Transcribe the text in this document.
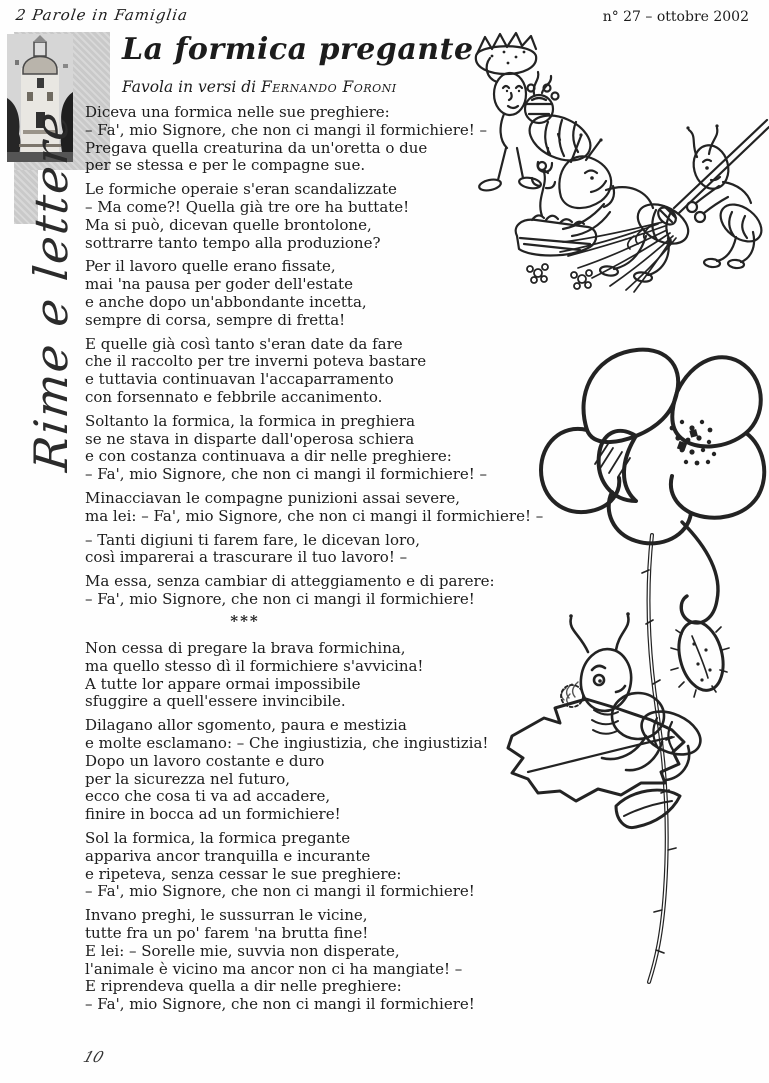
2 Parole in Famiglia	n° 27 – ottobre 2002
Rime e lettere
La formica pregante
Favola in versi di Fernando Foroni
Diceva una formica nelle sue preghiere:
– Fa', mio Signore, che non ci mangi il formichiere! –
Pregava quella creaturina da un'oretta o due
per se stessa e per le compagne sue.
Le formiche operaie s'eran scandalizzate
– Ma come?! Quella già tre ore ha buttate!
Ma si può, dicevan quelle brontolone,
sottrarre tanto tempo alla produzione?
Per il lavoro quelle erano fissate,
mai 'na pausa per goder dell'estate
e anche dopo un'abbondante incetta,
sempre di corsa, sempre di fretta!
E quelle già così tanto s'eran date da fare
che il raccolto per tre inverni poteva bastare
e tuttavia continuavan l'accaparramento
con forsennato e febbrile accanimento.
Soltanto la formica, la formica in preghiera
se ne stava in disparte dall'operosa schiera
e con costanza continuava a dir nelle preghiere:
– Fa', mio Signore, che non ci mangi il formichiere! –
Minacciavan le compagne punizioni assai severe,
ma lei: – Fa', mio Signore, che non ci mangi il formichiere! –
– Tanti digiuni ti farem fare, le dicevan loro,
così imparerai a trascurare il tuo lavoro! –
Ma essa, senza cambiar di atteggiamento e di parere:
– Fa', mio Signore, che non ci mangi il formichiere!
***
Non cessa di pregare la brava formichina,
ma quello stesso dì il formichiere s'avvicina!
A tutte lor appare ormai impossibile
sfuggire a quell'essere invincibile.
Dilagano allor sgomento, paura e mestizia
e molte esclamano: – Che ingiustizia, che ingiustizia!
Dopo un lavoro costante e duro
per la sicurezza nel futuro,
ecco che cosa ti va ad accadere,
finire in bocca ad un formichiere!
Sol la formica, la formica pregante
appariva ancor tranquilla e incurante
e ripeteva, senza cessar le sue preghiere:
– Fa', mio Signore, che non ci mangi il formichiere!
Invano preghi, le sussurran le vicine,
tutte fra un po' farem 'na brutta fine!
E lei: – Sorelle mie, suvvia non disperate,
l'animale è vicino ma ancor non ci ha mangiate! –
E riprendeva quella a dir nelle preghiere:
– Fa', mio Signore, che non ci mangi il formichiere!
10
